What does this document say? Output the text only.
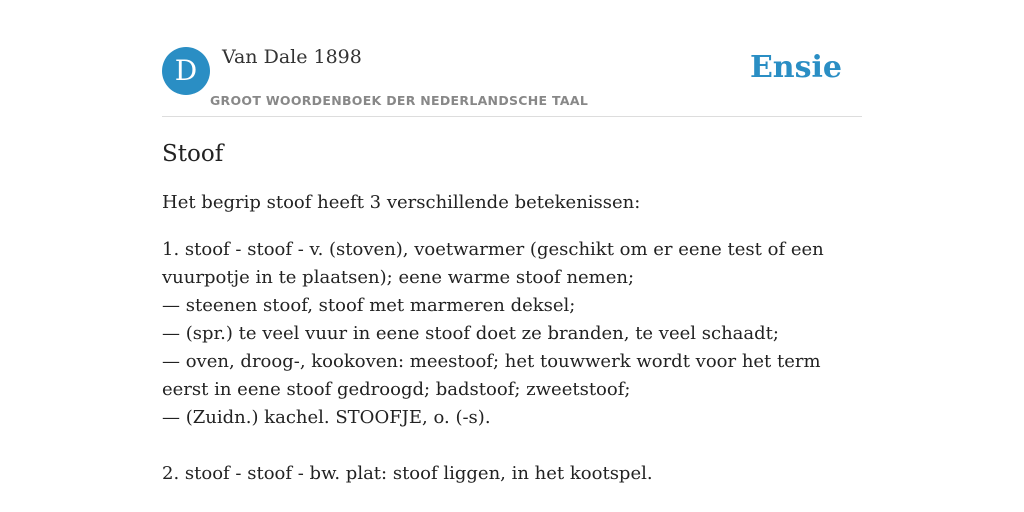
D	Van Dale 1898
GROOT WOORDENBOEK DER NEDERLANDSCHE TAAL
Ensie
Stoof

Het begrip stoof heeft 3 verschillende betekenissen:

1. stoof - stoof - v. (stoven), voetwarmer (geschikt om er eene test of een vuurpotje in te plaatsen); eene warme stoof nemen;
— steenen stoof, stoof met marmeren deksel;
— (spr.) te veel vuur in eene stoof doet ze branden, te veel schaadt;
— oven, droog-, kookoven: meestoof; het touwwerk wordt voor het term eerst in eene stoof gedroogd; badstoof; zweetstoof;
— (Zuidn.) kachel. STOOFJE, o. (-s).
2. stoof - stoof - bw. plat: stoof liggen, in het kootspel.
